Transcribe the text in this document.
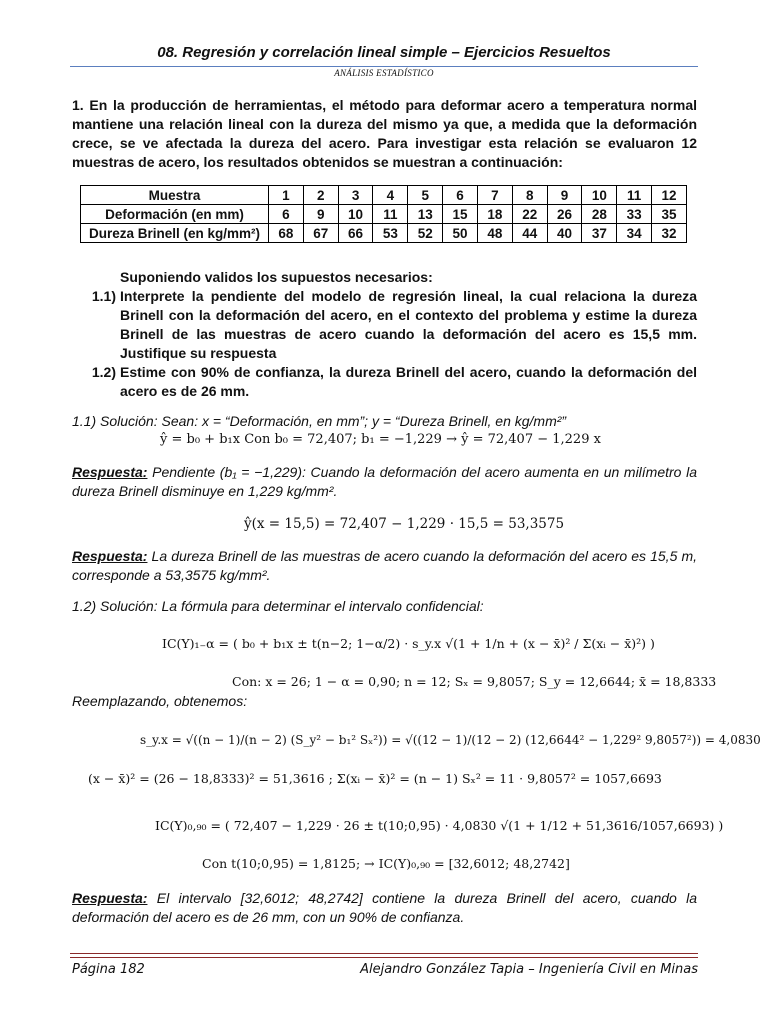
08. Regresión y correlación lineal simple – Ejercicios Resueltos
ANÁLISIS ESTADÍSTICO
1. En la producción de herramientas, el método para deformar acero a temperatura normal mantiene una relación lineal con la dureza del mismo ya que, a medida que la deformación crece, se ve afectada la dureza del acero. Para investigar esta relación se evaluaron 12 muestras de acero, los resultados obtenidos se muestran a continuación:
Muestra	1	2	3	4	5	6	7	8	9	10	11	12
Deformación (en mm)	6	9	10	11	13	15	18	22	26	28	33	35
Dureza Brinell (en kg/mm²)	68	67	66	53	52	50	48	44	40	37	34	32
Suponiendo validos los supuestos necesarios:
1.1) Interprete la pendiente del modelo de regresión lineal, la cual relaciona la dureza Brinell con la deformación del acero, en el contexto del problema y estime la dureza Brinell de las muestras de acero cuando la deformación del acero es 15,5 mm. Justifique su respuesta
1.2) Estime con 90% de confianza, la dureza Brinell del acero, cuando la deformación del acero es de 26 mm.
1.1) Solución: Sean: x = “Deformación, en mm”; y = “Dureza Brinell, en kg/mm²”
ŷ = b₀ + b₁x Con b₀ = 72,407; b₁ = −1,229 → ŷ = 72,407 − 1,229 x
Respuesta: Pendiente (b₁ = −1,229): Cuando la deformación del acero aumenta en un milímetro la dureza Brinell disminuye en 1,229 kg/mm².
ŷ(x = 15,5) = 72,407 − 1,229 · 15,5 = 53,3575
Respuesta: La dureza Brinell de las muestras de acero cuando la deformación del acero es 15,5 m, corresponde a 53,3575 kg/mm².
1.2) Solución: La fórmula para determinar el intervalo confidencial:
IC(Y)₁₋α = ( b₀ + b₁x ± t(n−2; 1−α/2) · s_y.x √(1 + 1/n + (x − x̄)² / Σ(xᵢ − x̄)²) )
Con: x = 26; 1 − α = 0,90; n = 12; Sₓ = 9,8057; S_y = 12,6644; x̄ = 18,8333
Reemplazando, obtenemos:
s_y.x = √((n − 1)/(n − 2) (S_y² − b₁² Sₓ²)) = √((12 − 1)/(12 − 2) (12,6644² − 1,229² 9,8057²)) = 4,0830
(x − x̄)² = (26 − 18,8333)² = 51,3616 ; Σ(xᵢ − x̄)² = (n − 1) Sₓ² = 11 · 9,8057² = 1057,6693
IC(Y)₀,₉₀ = ( 72,407 − 1,229 · 26 ± t(10;0,95) · 4,0830 √(1 + 1/12 + 51,3616/1057,6693) )
Con t(10;0,95) = 1,8125; → IC(Y)₀,₉₀ = [32,6012; 48,2742]
Respuesta: El intervalo [32,6012; 48,2742] contiene la dureza Brinell del acero, cuando la deformación del acero es de 26 mm, con un 90% de confianza.
Página 182	Alejandro González Tapia – Ingeniería Civil en Minas
